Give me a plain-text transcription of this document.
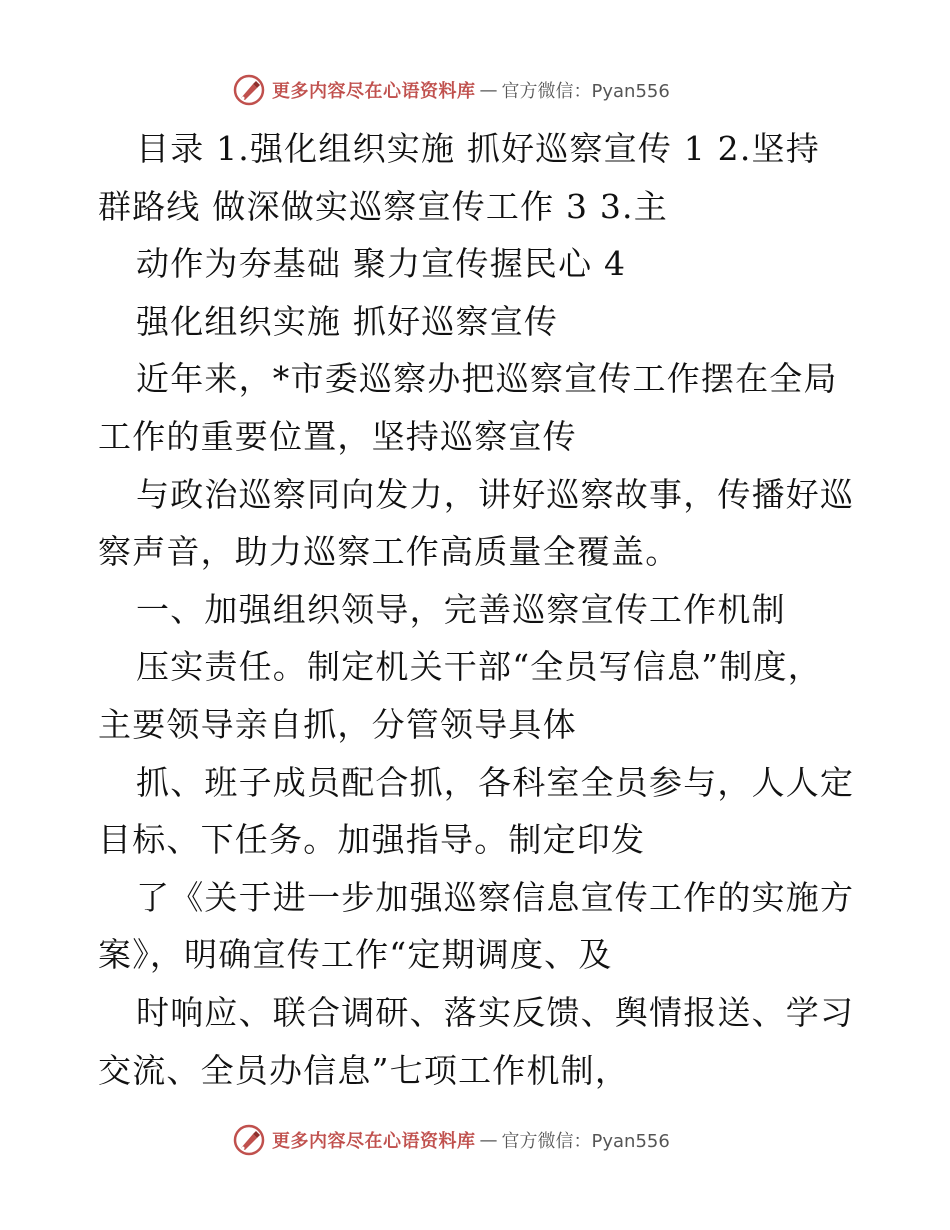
更多内容尽在心语资料库 — 官方微信：Pyan556
目录 1.强化组织实施 抓好巡察宣传 1 2.坚持
群路线 做深做实巡察宣传工作 3 3.主
动作为夯基础 聚力宣传握民心 4
强化组织实施 抓好巡察宣传
近年来，*市委巡察办把巡察宣传工作摆在全局
工作的重要位置，坚持巡察宣传
与政治巡察同向发力，讲好巡察故事，传播好巡
察声音，助力巡察工作高质量全覆盖。
一、加强组织领导，完善巡察宣传工作机制
压实责任。制定机关干部“全员写信息”制度，
主要领导亲自抓，分管领导具体
抓、班子成员配合抓，各科室全员参与，人人定
目标、下任务。加强指导。制定印发
了《关于进一步加强巡察信息宣传工作的实施方
案》，明确宣传工作“定期调度、及
时响应、联合调研、落实反馈、舆情报送、学习
交流、全员办信息”七项工作机制，
更多内容尽在心语资料库 — 官方微信：Pyan556
